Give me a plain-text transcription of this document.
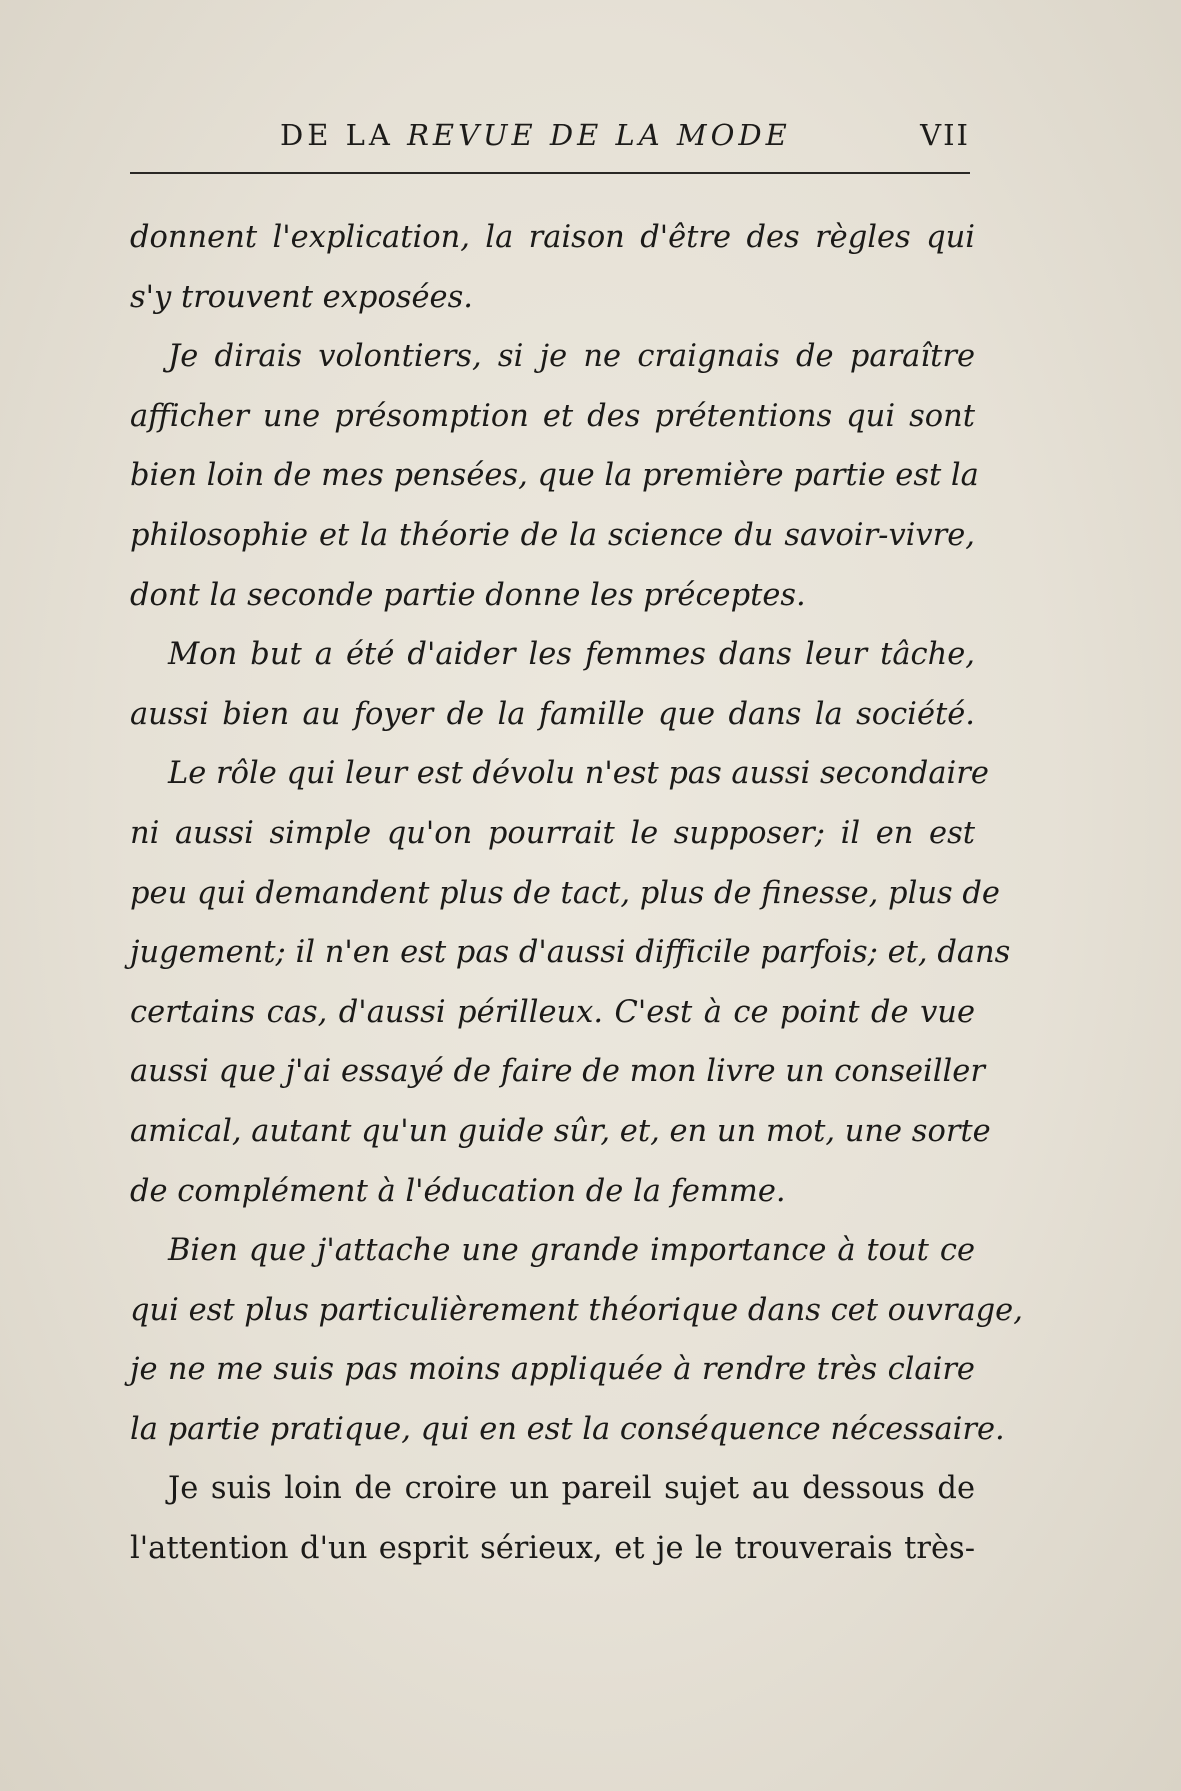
DE LA REVUE DE LA MODE	VII
donnent l'explication, la raison d'être des règles qui
s'y trouvent exposées.
Je dirais volontiers, si je ne craignais de paraître
afficher une présomption et des prétentions qui sont
bien loin de mes pensées, que la première partie est la
philosophie et la théorie de la science du savoir-vivre,
dont la seconde partie donne les préceptes.
Mon but a été d'aider les femmes dans leur tâche,
aussi bien au foyer de la famille que dans la société.
Le rôle qui leur est dévolu n'est pas aussi secondaire
ni aussi simple qu'on pourrait le supposer; il en est
peu qui demandent plus de tact, plus de finesse, plus de
jugement; il n'en est pas d'aussi difficile parfois; et, dans
certains cas, d'aussi périlleux. C'est à ce point de vue
aussi que j'ai essayé de faire de mon livre un conseiller
amical, autant qu'un guide sûr, et, en un mot, une sorte
de complément à l'éducation de la femme.
Bien que j'attache une grande importance à tout ce
qui est plus particulièrement théorique dans cet ouvrage,
je ne me suis pas moins appliquée à rendre très claire
la partie pratique, qui en est la conséquence nécessaire.
Je suis loin de croire un pareil sujet au dessous de
l'attention d'un esprit sérieux, et je le trouverais très-
